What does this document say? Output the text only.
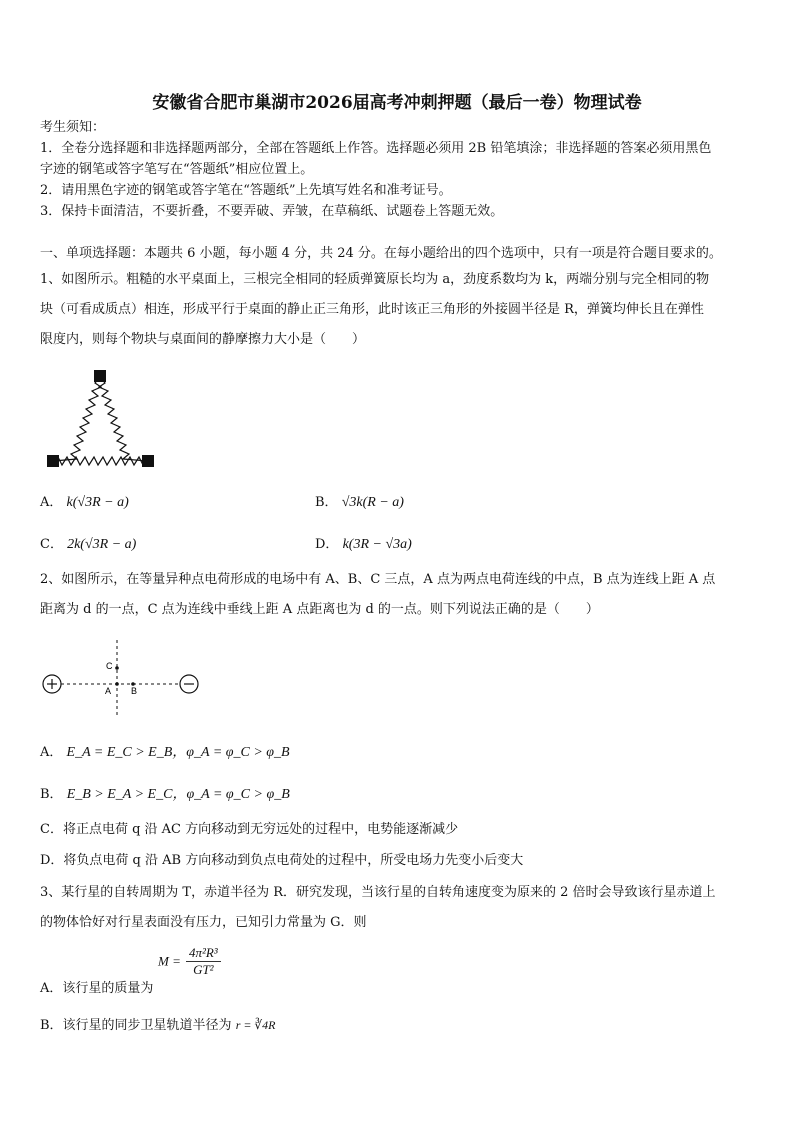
安徽省合肥市巢湖市2026届高考冲刺押题（最后一卷）物理试卷
考生须知：
1．全卷分选择题和非选择题两部分，全部在答题纸上作答。选择题必须用 2B 铅笔填涂；非选择题的答案必须用黑色
字迹的钢笔或答字笔写在“答题纸”相应位置上。
2．请用黑色字迹的钢笔或答字笔在“答题纸”上先填写姓名和准考证号。
3．保持卡面清洁，不要折叠，不要弄破、弄皱，在草稿纸、试题卷上答题无效。
一、单项选择题：本题共 6 小题，每小题 4 分，共 24 分。在每小题给出的四个选项中，只有一项是符合题目要求的。
1、如图所示。粗糙的水平桌面上，三根完全相同的轻质弹簧原长均为 a，劲度系数均为 k，两端分别与完全相同的物
块（可看成质点）相连，形成平行于桌面的静止正三角形，此时该正三角形的外接圆半径是 R，弹簧均伸长且在弹性
限度内，则每个物块与桌面间的静摩擦力大小是（　　）
A． k(√3R − a)	B． √3k(R − a)
C． 2k(√3R − a)	D． k(3R − √3a)
2、如图所示，在等量异种点电荷形成的电场中有 A、B、C 三点，A 点为两点电荷连线的中点，B 点为连线上距 A 点
距离为 d 的一点，C 点为连线中垂线上距 A 点距离也为 d 的一点。则下列说法正确的是（　　）
C
A B
A． E_A = E_C > E_B，φ_A = φ_C > φ_B
B． E_B > E_A > E_C，φ_A = φ_C > φ_B
C．将正点电荷 q 沿 AC 方向移动到无穷远处的过程中，电势能逐渐减少
D．将负点电荷 q 沿 AB 方向移动到负点电荷处的过程中，所受电场力先变小后变大
3、某行星的自转周期为 T，赤道半径为 R．研究发现，当该行星的自转角速度变为原来的 2 倍时会导致该行星赤道上
的物体恰好对行星表面没有压力，已知引力常量为 G．则
A．该行星的质量为
$M = \frac{\text{4π²R³}}{\text{GT²}}$
B．该行星的同步卫星轨道半径为 r = ∛4R
